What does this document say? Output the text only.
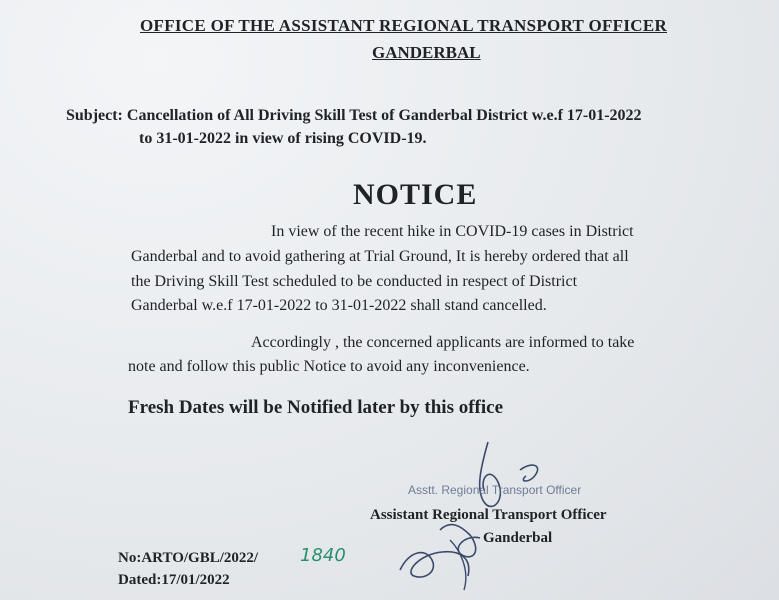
OFFICE OF THE ASSISTANT REGIONAL TRANSPORT OFFICER
GANDERBAL
Subject: Cancellation of All Driving Skill Test of Ganderbal District w.e.f 17-01-2022
to 31-01-2022 in view of rising COVID-19.
NOTICE
In view of the recent hike in COVID-19 cases in District
Ganderbal and to avoid gathering at Trial Ground, It is hereby ordered that all
the Driving Skill Test scheduled to be conducted in respect of District
Ganderbal w.e.f 17-01-2022 to 31-01-2022 shall stand cancelled.
Accordingly , the concerned applicants are informed to take
note and follow this public Notice to avoid any inconvenience.
Fresh Dates will be Notified later by this office
Asstt. Regional Transport Officer
Assistant Regional Transport Officer
Ganderbal
No:ARTO/GBL/2022/ 1840
Dated:17/01/2022
